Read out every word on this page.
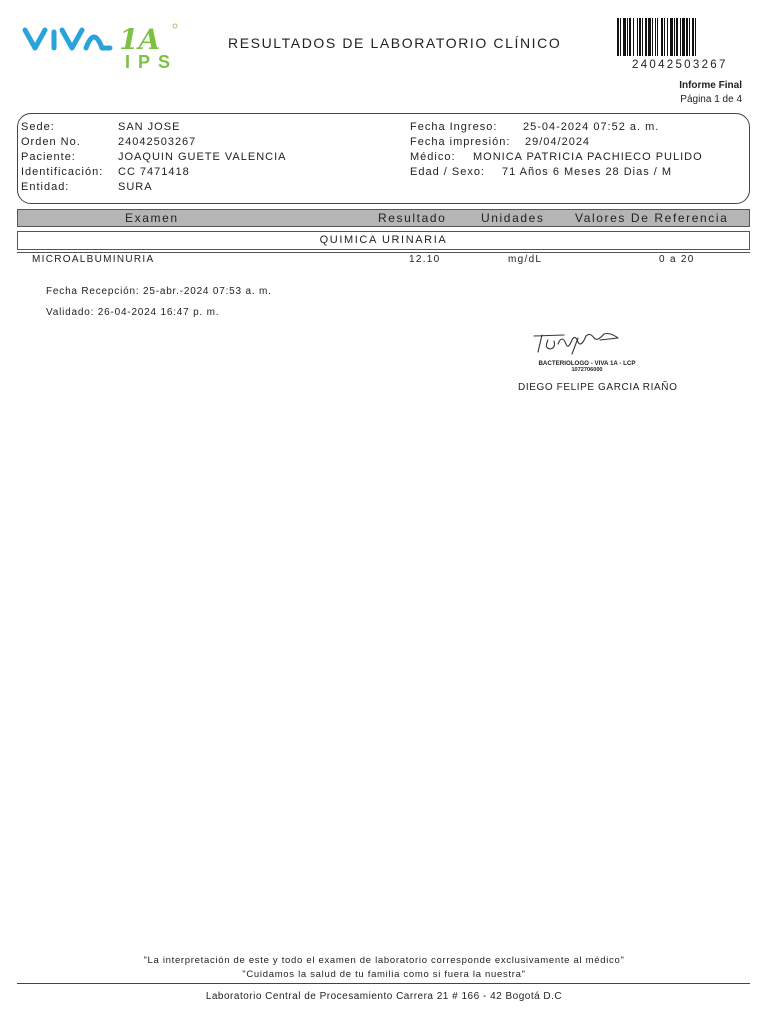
1A
IPS
RESULTADOS DE LABORATORIO CLÍNICO
24042503267
Informe Final
Página 1 de 4
Sede:	SAN JOSE
Orden No.	24042503267
Paciente:	JOAQUIN GUETE VALENCIA
Identificación: CC 7471418
Entidad:	SURA
Fecha Ingreso: 25-04-2024 07:52 a. m.
Fecha impresión: 29/04/2024
Médico: MONICA PATRICIA PACHIECO PULIDO
Edad / Sexo: 71 Años 6 Meses 28 Dias / M
Examen	Resultado	Unidades	Valores De Referencia
QUIMICA URINARIA
MICROALBUMINURIA	12.10	mg/dL	0 a 20
Fecha Recepción: 25-abr.-2024 07:53 a. m.
Validado: 26-04-2024 16:47 p. m.
BACTERIOLOGO - VIVA 1A - LCP
1072706000
DIEGO FELIPE GARCIA RIAÑO
"La interpretación de este y todo el examen de laboratorio corresponde exclusivamente al médico"
"Cuidamos la salud de tu familia como si fuera la nuestra"
Laboratorio Central de Procesamiento Carrera 21 # 166 - 42 Bogotá D.C
